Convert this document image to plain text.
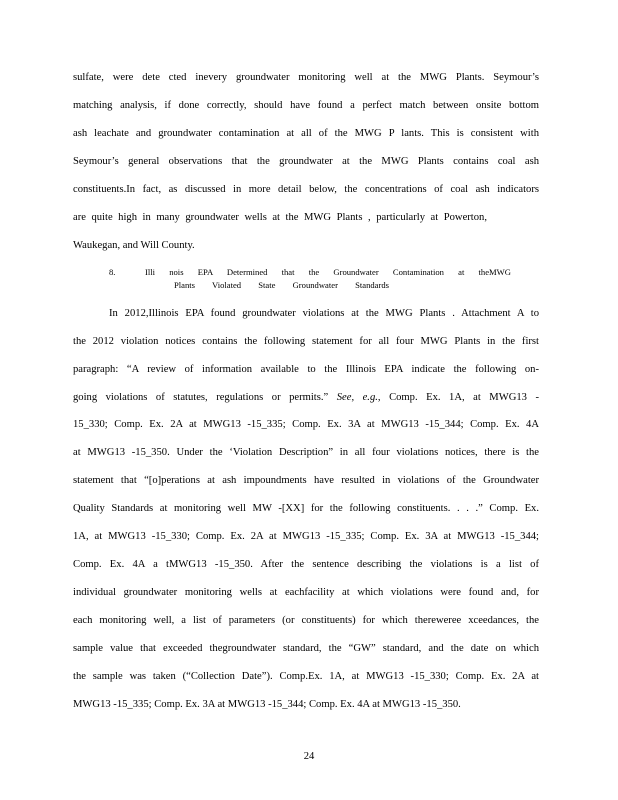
sulfate, were dete cted inevery groundwater monitoring well at the MWG Plants. Seymour’s
matching analysis, if done correctly, should have found a perfect match between onsite bottom
ash leachate and groundwater contamination at all of the MWG P lants. This is consistent with
Seymour’s general observations that the groundwater at the MWG Plants contains coal ash
constituents.In fact, as discussed in more detail below, the concentrations of coal ash indicators
are quite high in many groundwater wells at the MWG Plants , particularly at Powerton,
Waukegan, and Will County.
8.	Illi nois EPA Determined that the Groundwater Contamination at theMWG
Plants Violated State Groundwater Standards
In 2012,Illinois EPA found groundwater violations at the MWG Plants . Attachment A to
the 2012 violation notices contains the following statement for all four MWG Plants in the first
paragraph: “A review of information available to the Illinois EPA indicate the following on-
going violations of statutes, regulations or permits.” See, e.g., Comp. Ex. 1A, at MWG13 -
15_330; Comp. Ex. 2A at MWG13 -15_335; Comp. Ex. 3A at MWG13 -15_344; Comp. Ex. 4A
at MWG13 -15_350. Under the ‘Violation Description” in all four violations notices, there is the
statement that “[o]perations at ash impoundments have resulted in violations of the Groundwater
Quality Standards at monitoring well MW -[XX] for the following constituents. . . .” Comp. Ex.
1A, at MWG13 -15_330; Comp. Ex. 2A at MWG13 -15_335; Comp. Ex. 3A at MWG13 -15_344;
Comp. Ex. 4A a tMWG13 -15_350. After the sentence describing the violations is a list of
individual groundwater monitoring wells at eachfacility at which violations were found and, for
each monitoring well, a list of parameters (or constituents) for which thereweree xceedances, the
sample value that exceeded thegroundwater standard, the “GW” standard, and the date on which
the sample was taken (“Collection Date”). Comp.Ex. 1A, at MWG13 -15_330; Comp. Ex. 2A at
MWG13 -15_335; Comp. Ex. 3A at MWG13 -15_344; Comp. Ex. 4A at MWG13 -15_350.
24
